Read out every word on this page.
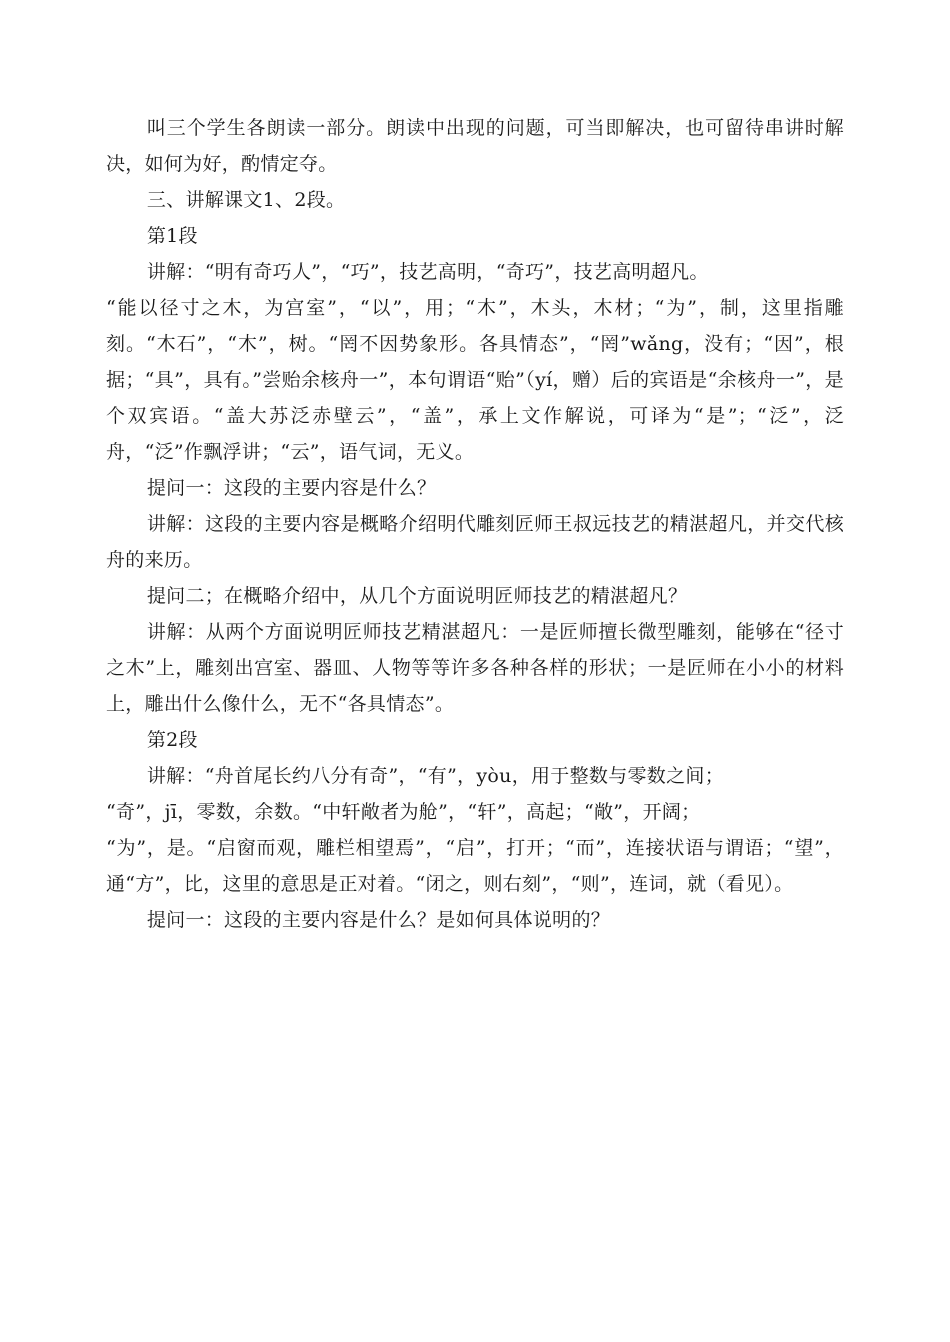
叫三个学生各朗读一部分。朗读中出现的问题，可当即解决，也可留待串讲时解决，如何为好，酌情定夺。

三、讲解课文1、2段。

第1段

讲解：“明有奇巧人”，“巧”，技艺高明，“奇巧”，技艺高明超凡。

“能以径寸之木，为宫室”，“以”，用；“木”，木头，木材；“为”，制，这里指雕刻。“木石”，“木”，树。“罔不因势象形。各具情态”，“罔”wǎng，没有；“因”，根据；“具”，具有。”尝贻余核舟一”，本句谓语“贻”（yí，赠）后的宾语是“余核舟一”，是个双宾语。“盖大苏泛赤壁云”，“盖”，承上文作解说，可译为“是”；“泛”，泛舟，“泛”作飘浮讲；“云”，语气词，无义。

提问一：这段的主要内容是什么？

讲解：这段的主要内容是概略介绍明代雕刻匠师王叔远技艺的精湛超凡，并交代核舟的来历。

提问二；在概略介绍中，从几个方面说明匠师技艺的精湛超凡？

讲解：从两个方面说明匠师技艺精湛超凡：一是匠师擅长微型雕刻，能够在“径寸之木”上，雕刻出宫室、器皿、人物等等许多各种各样的形状；一是匠师在小小的材料上，雕出什么像什么，无不“各具情态”。

第2段

讲解：“舟首尾长约八分有奇”，“有”，yòu，用于整数与零数之间；

“奇”，jī，零数，余数。“中轩敞者为舱”，“轩”，高起；“敞”，开阔；

“为”，是。“启窗而观，雕栏相望焉”，“启”，打开；“而”，连接状语与谓语；“望”，通“方”，比，这里的意思是正对着。“闭之，则右刻”，“则”，连词，就（看见）。

提问一：这段的主要内容是什么？是如何具体说明的？
